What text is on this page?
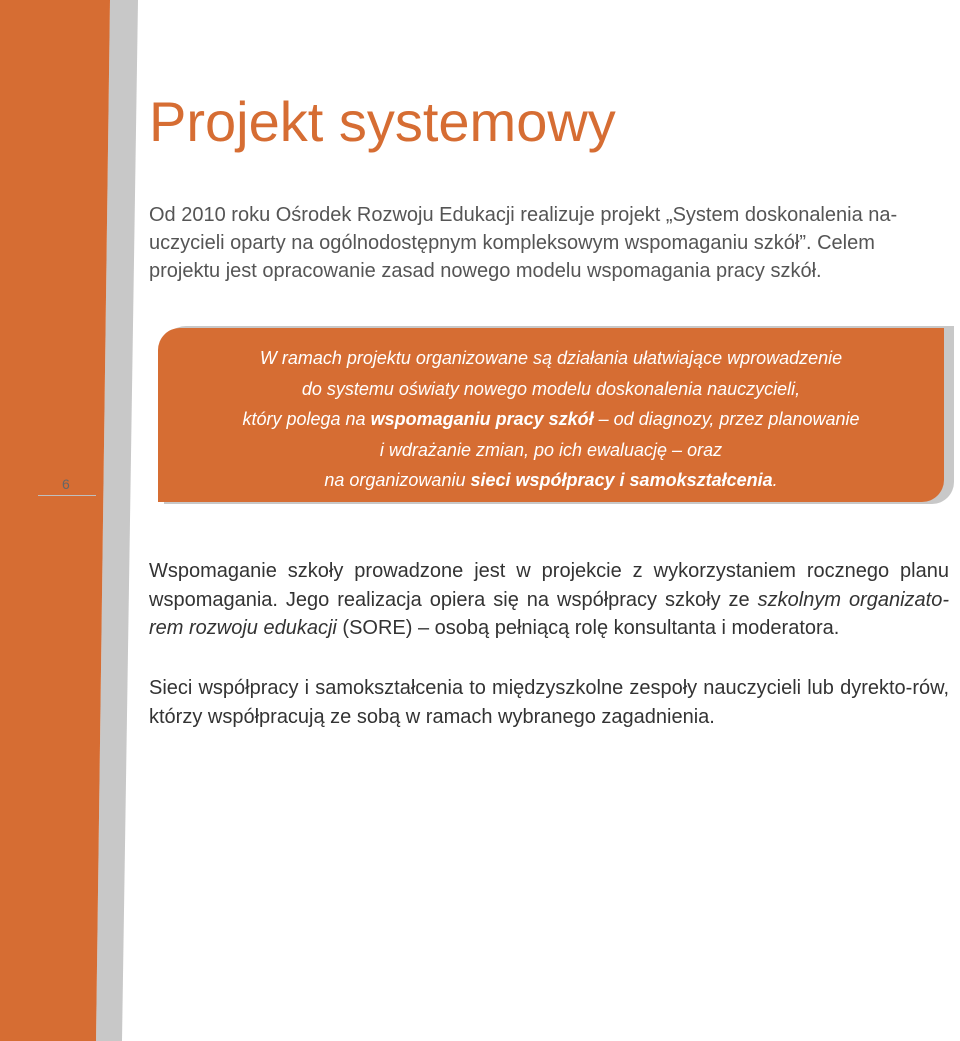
Projekt systemowy

Od 2010 roku Ośrodek Rozwoju Edukacji realizuje projekt „System doskonalenia na-
uczycieli oparty na ogólnodostępnym kompleksowym wspomaganiu szkół”. Celem
projektu jest opracowanie zasad nowego modelu wspomagania pracy szkół.

W ramach projektu organizowane są działania ułatwiające wprowadzenie
do systemu oświaty nowego modelu doskonalenia nauczycieli,
który polega na wspomaganiu pracy szkół – od diagnozy, przez planowanie
i wdrażanie zmian, po ich ewaluację – oraz
na organizowaniu sieci współpracy i samokształcenia.
6

Wspomaganie szkoły prowadzone jest w projekcie z wykorzystaniem rocznego planu wspomagania. Jego realizacja opiera się na współpracy szkoły ze szkolnym organizato-rem rozwoju edukacji (SORE) – osobą pełniącą rolę konsultanta i moderatora.

Sieci współpracy i samokształcenia to międzyszkolne zespoły nauczycieli lub dyrekto-rów, którzy współpracują ze sobą w ramach wybranego zagadnienia.
